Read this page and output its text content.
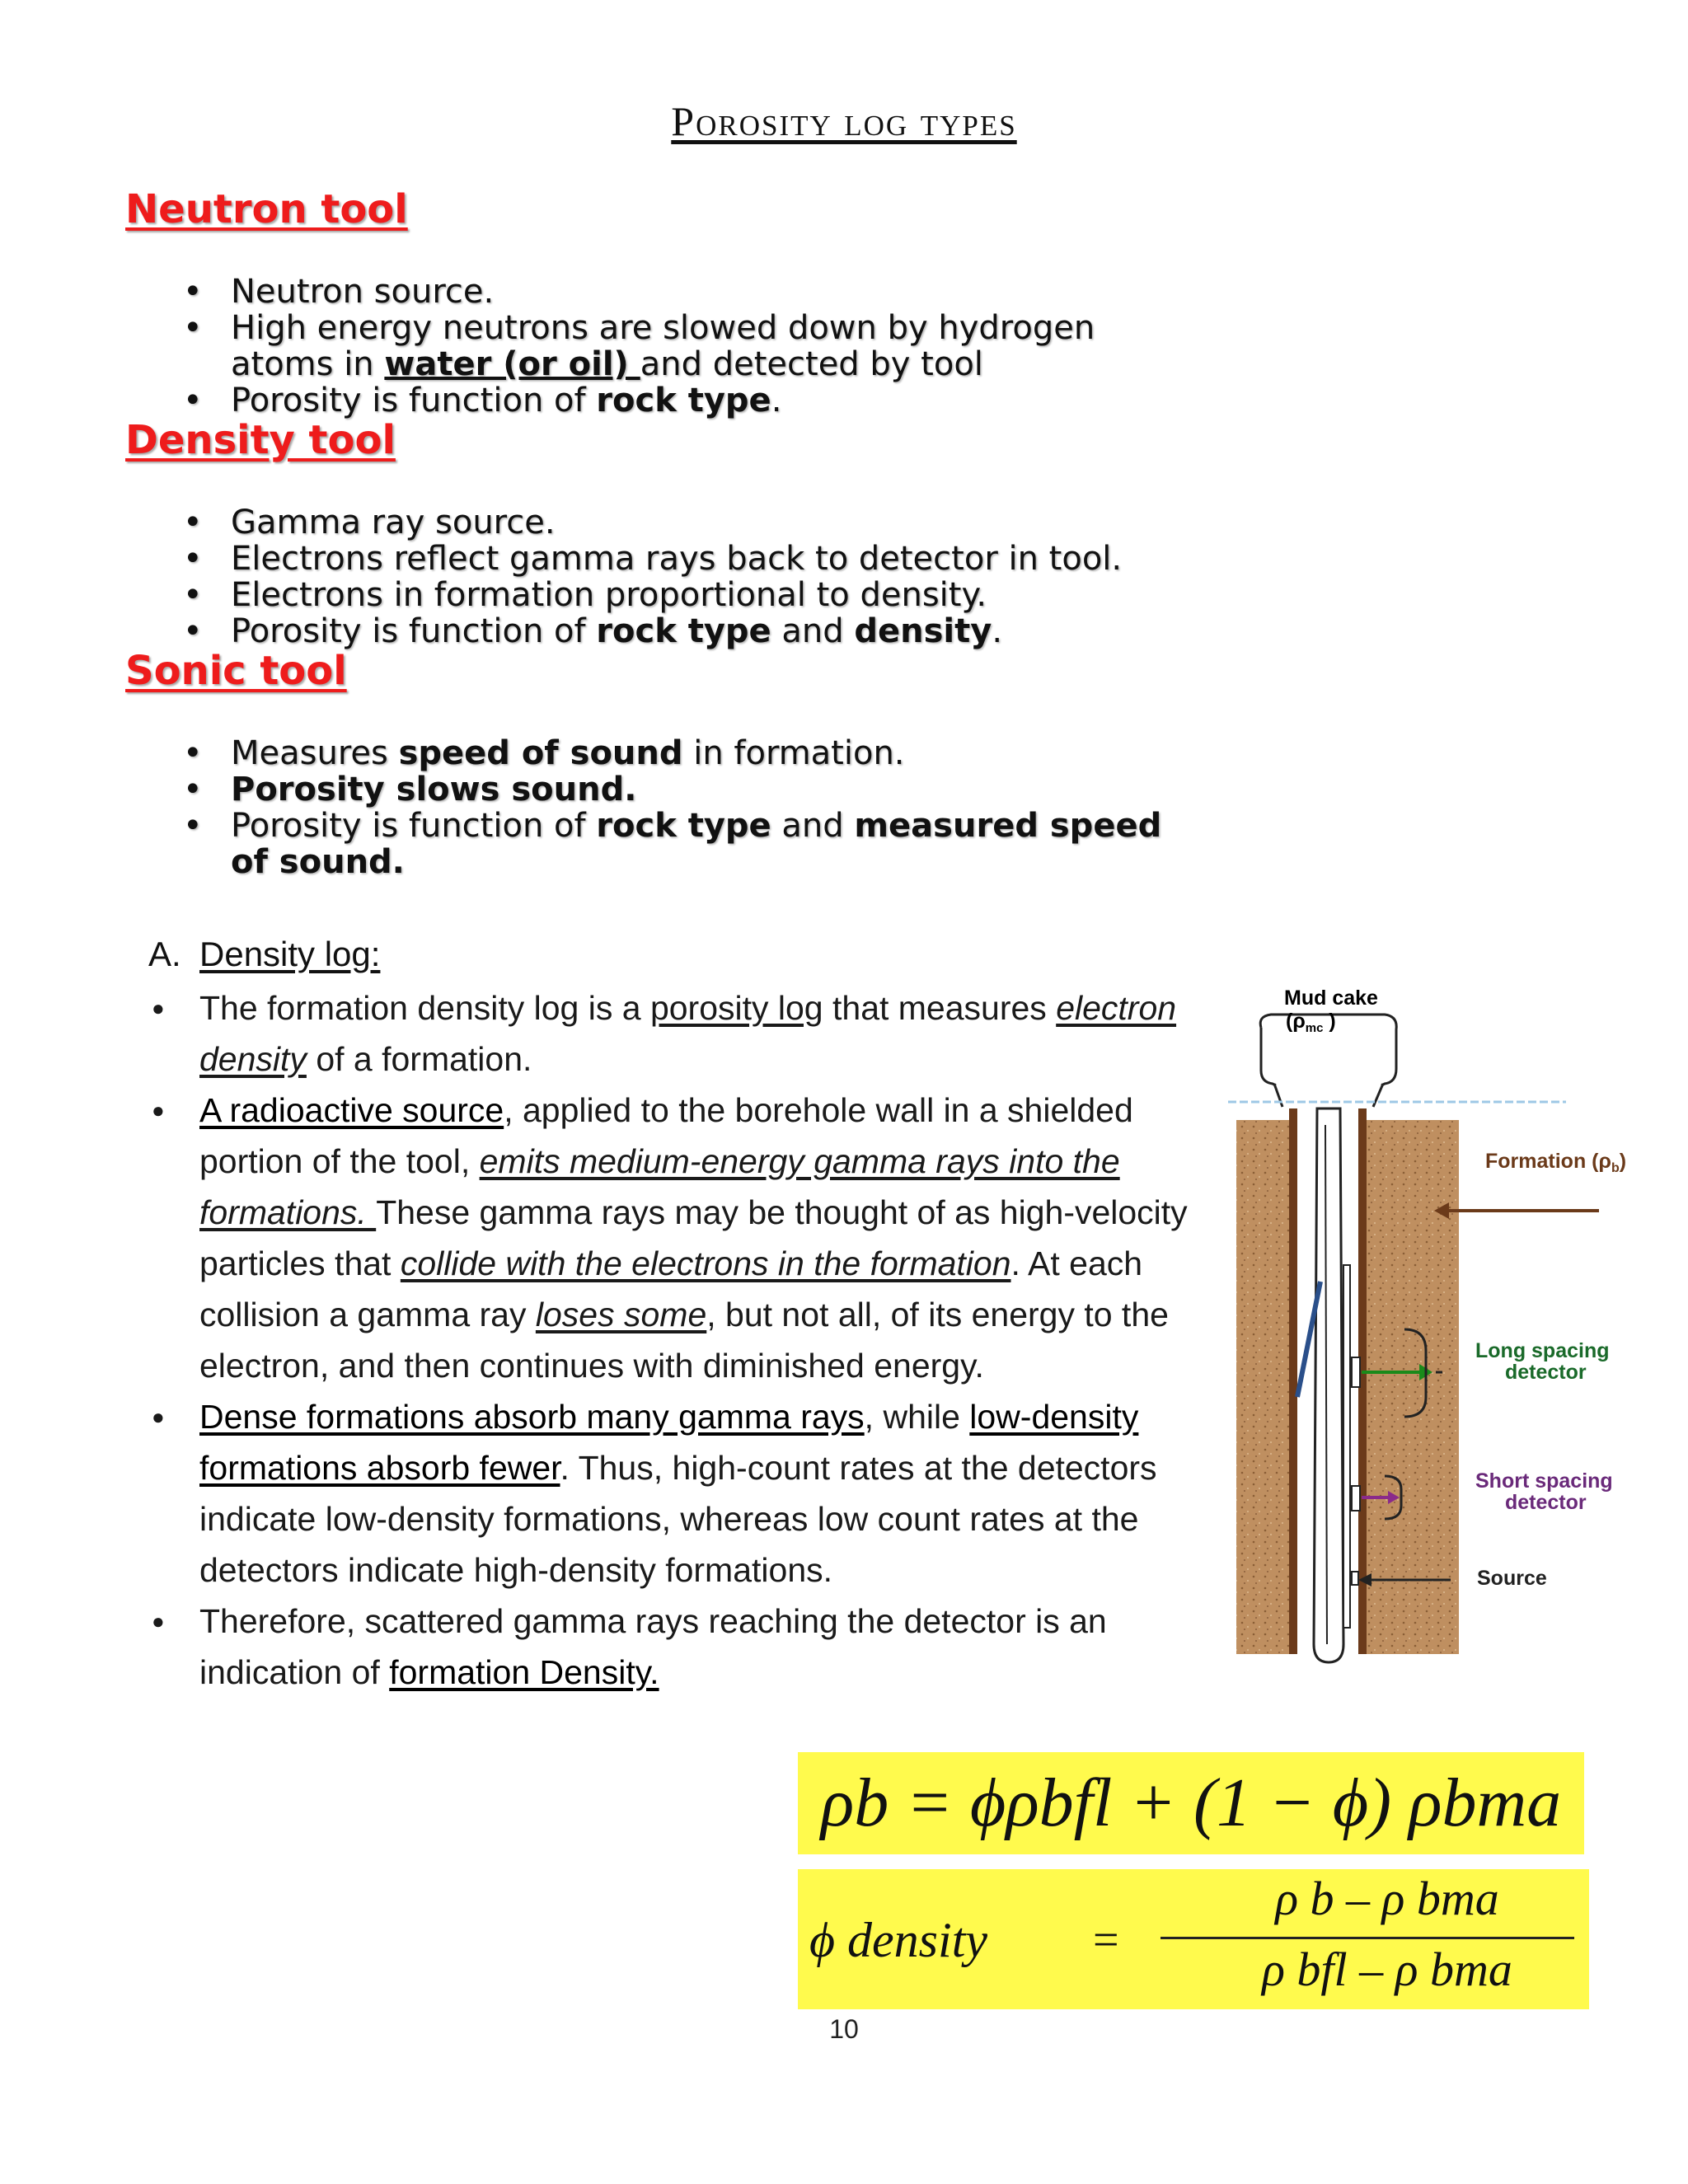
Porosity log types
Neutron tool
• Neutron source.
• High energy neutrons are slowed down by hydrogen
atoms in water (or oil) and detected by tool
• Porosity is function of rock type.
Density tool
• Gamma ray source.
• Electrons reflect gamma rays back to detector in tool.
• Electrons in formation proportional to density.
• Porosity is function of rock type and density.
Sonic tool
• Measures speed of sound in formation.
• Porosity slows sound.
• Porosity is function of rock type and measured speed
of sound.
A. Density log:
● The formation density log is a porosity log that measures electron density of a formation.
● A radioactive source, applied to the borehole wall in a shielded portion of the tool, emits medium-energy gamma rays into the formations. These gamma rays may be thought of as high-velocity particles that collide with the electrons in the formation. At each collision a gamma ray loses some, but not all, of its energy to the electron, and then continues with diminished energy.
● Dense formations absorb many gamma rays, while low-density formations absorb fewer. Thus, high-count rates at the detectors indicate low-density formations, whereas low count rates at the detectors indicate high-density formations.
● Therefore, scattered gamma rays reaching the detector is an indication of formation Density.
Mud cake
($\rho_{mc}$ )
Formation $(\rho_b)$
Long spacing
detector
Short spacing
detector
Source
ρb = ϕρbfl + (1 − ϕ) ρbma
ϕ density =
ρ b – ρ bma
ρ bfl – ρ bma
10
